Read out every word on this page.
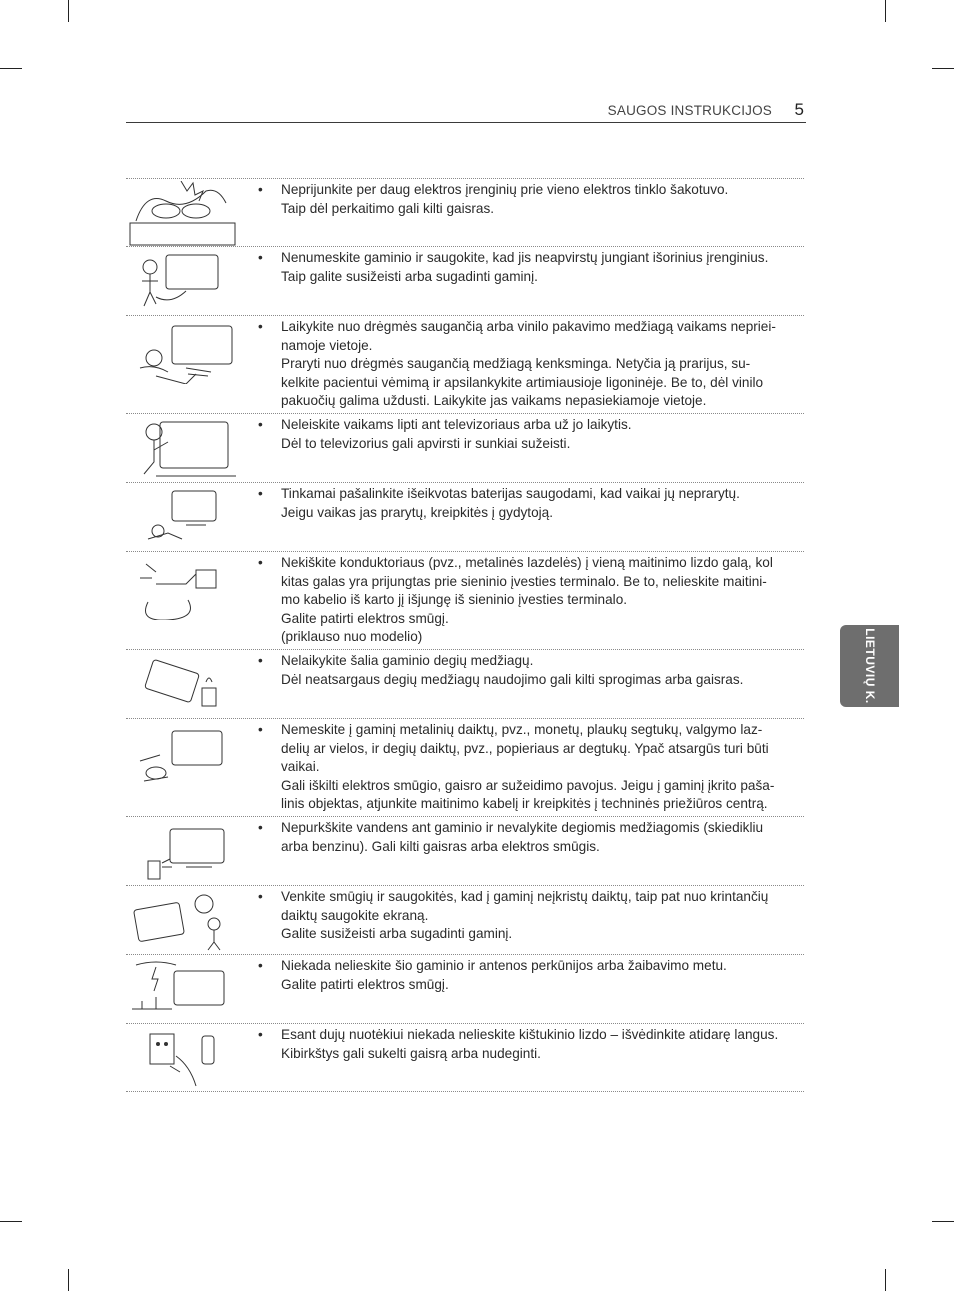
SAUGOS INSTRUKCIJOS 5
LIETUVIŲ K.
• Neprijunkite per daug elektros įrenginių prie vieno elektros tinklo šakotuvo.
Taip dėl perkaitimo gali kilti gaisras.
• Nenumeskite gaminio ir saugokite, kad jis neapvirstų jungiant išorinius įrenginius.
Taip galite susižeisti arba sugadinti gaminį.
• Laikykite nuo drėgmės saugančią arba vinilo pakavimo medžiagą vaikams nepriei-
namoje vietoje.
Praryti nuo drėgmės saugančią medžiagą kenksminga. Netyčia ją prarijus, su-
kelkite pacientui vėmimą ir apsilankykite artimiausioje ligoninėje. Be to, dėl vinilo
pakuočių galima uždusti. Laikykite jas vaikams nepasiekiamoje vietoje.
• Neleiskite vaikams lipti ant televizoriaus arba už jo laikytis.
Dėl to televizorius gali apvirsti ir sunkiai sužeisti.
• Tinkamai pašalinkite išeikvotas baterijas saugodami, kad vaikai jų neprarytų.
Jeigu vaikas jas prarytų, kreipkitės į gydytoją.
• Nekiškite konduktoriaus (pvz., metalinės lazdelės) į vieną maitinimo lizdo galą, kol
kitas galas yra prijungtas prie sieninio įvesties terminalo. Be to, nelieskite maitini-
mo kabelio iš karto jį išjungę iš sieninio įvesties terminalo.
Galite patirti elektros smūgį.
(priklauso nuo modelio)
• Nelaikykite šalia gaminio degių medžiagų.
Dėl neatsargaus degių medžiagų naudojimo gali kilti sprogimas arba gaisras.
• Nemeskite į gaminį metalinių daiktų, pvz., monetų, plaukų segtukų, valgymo laz-
delių ar vielos, ir degių daiktų, pvz., popieriaus ar degtukų. Ypač atsargūs turi būti
vaikai.
Gali iškilti elektros smūgio, gaisro ar sužeidimo pavojus. Jeigu į gaminį įkrito paša-
linis objektas, atjunkite maitinimo kabelį ir kreipkitės į techninės priežiūros centrą.
• Nepurkškite vandens ant gaminio ir nevalykite degiomis medžiagomis (skiedikliu
arba benzinu). Gali kilti gaisras arba elektros smūgis.
• Venkite smūgių ir saugokitės, kad į gaminį neįkristų daiktų, taip pat nuo krintančių
daiktų saugokite ekraną.
Galite susižeisti arba sugadinti gaminį.
• Niekada nelieskite šio gaminio ir antenos perkūnijos arba žaibavimo metu.
Galite patirti elektros smūgį.
• Esant dujų nuotėkiui niekada nelieskite kištukinio lizdo – išvėdinkite atidarę langus.
Kibirkštys gali sukelti gaisrą arba nudeginti.
